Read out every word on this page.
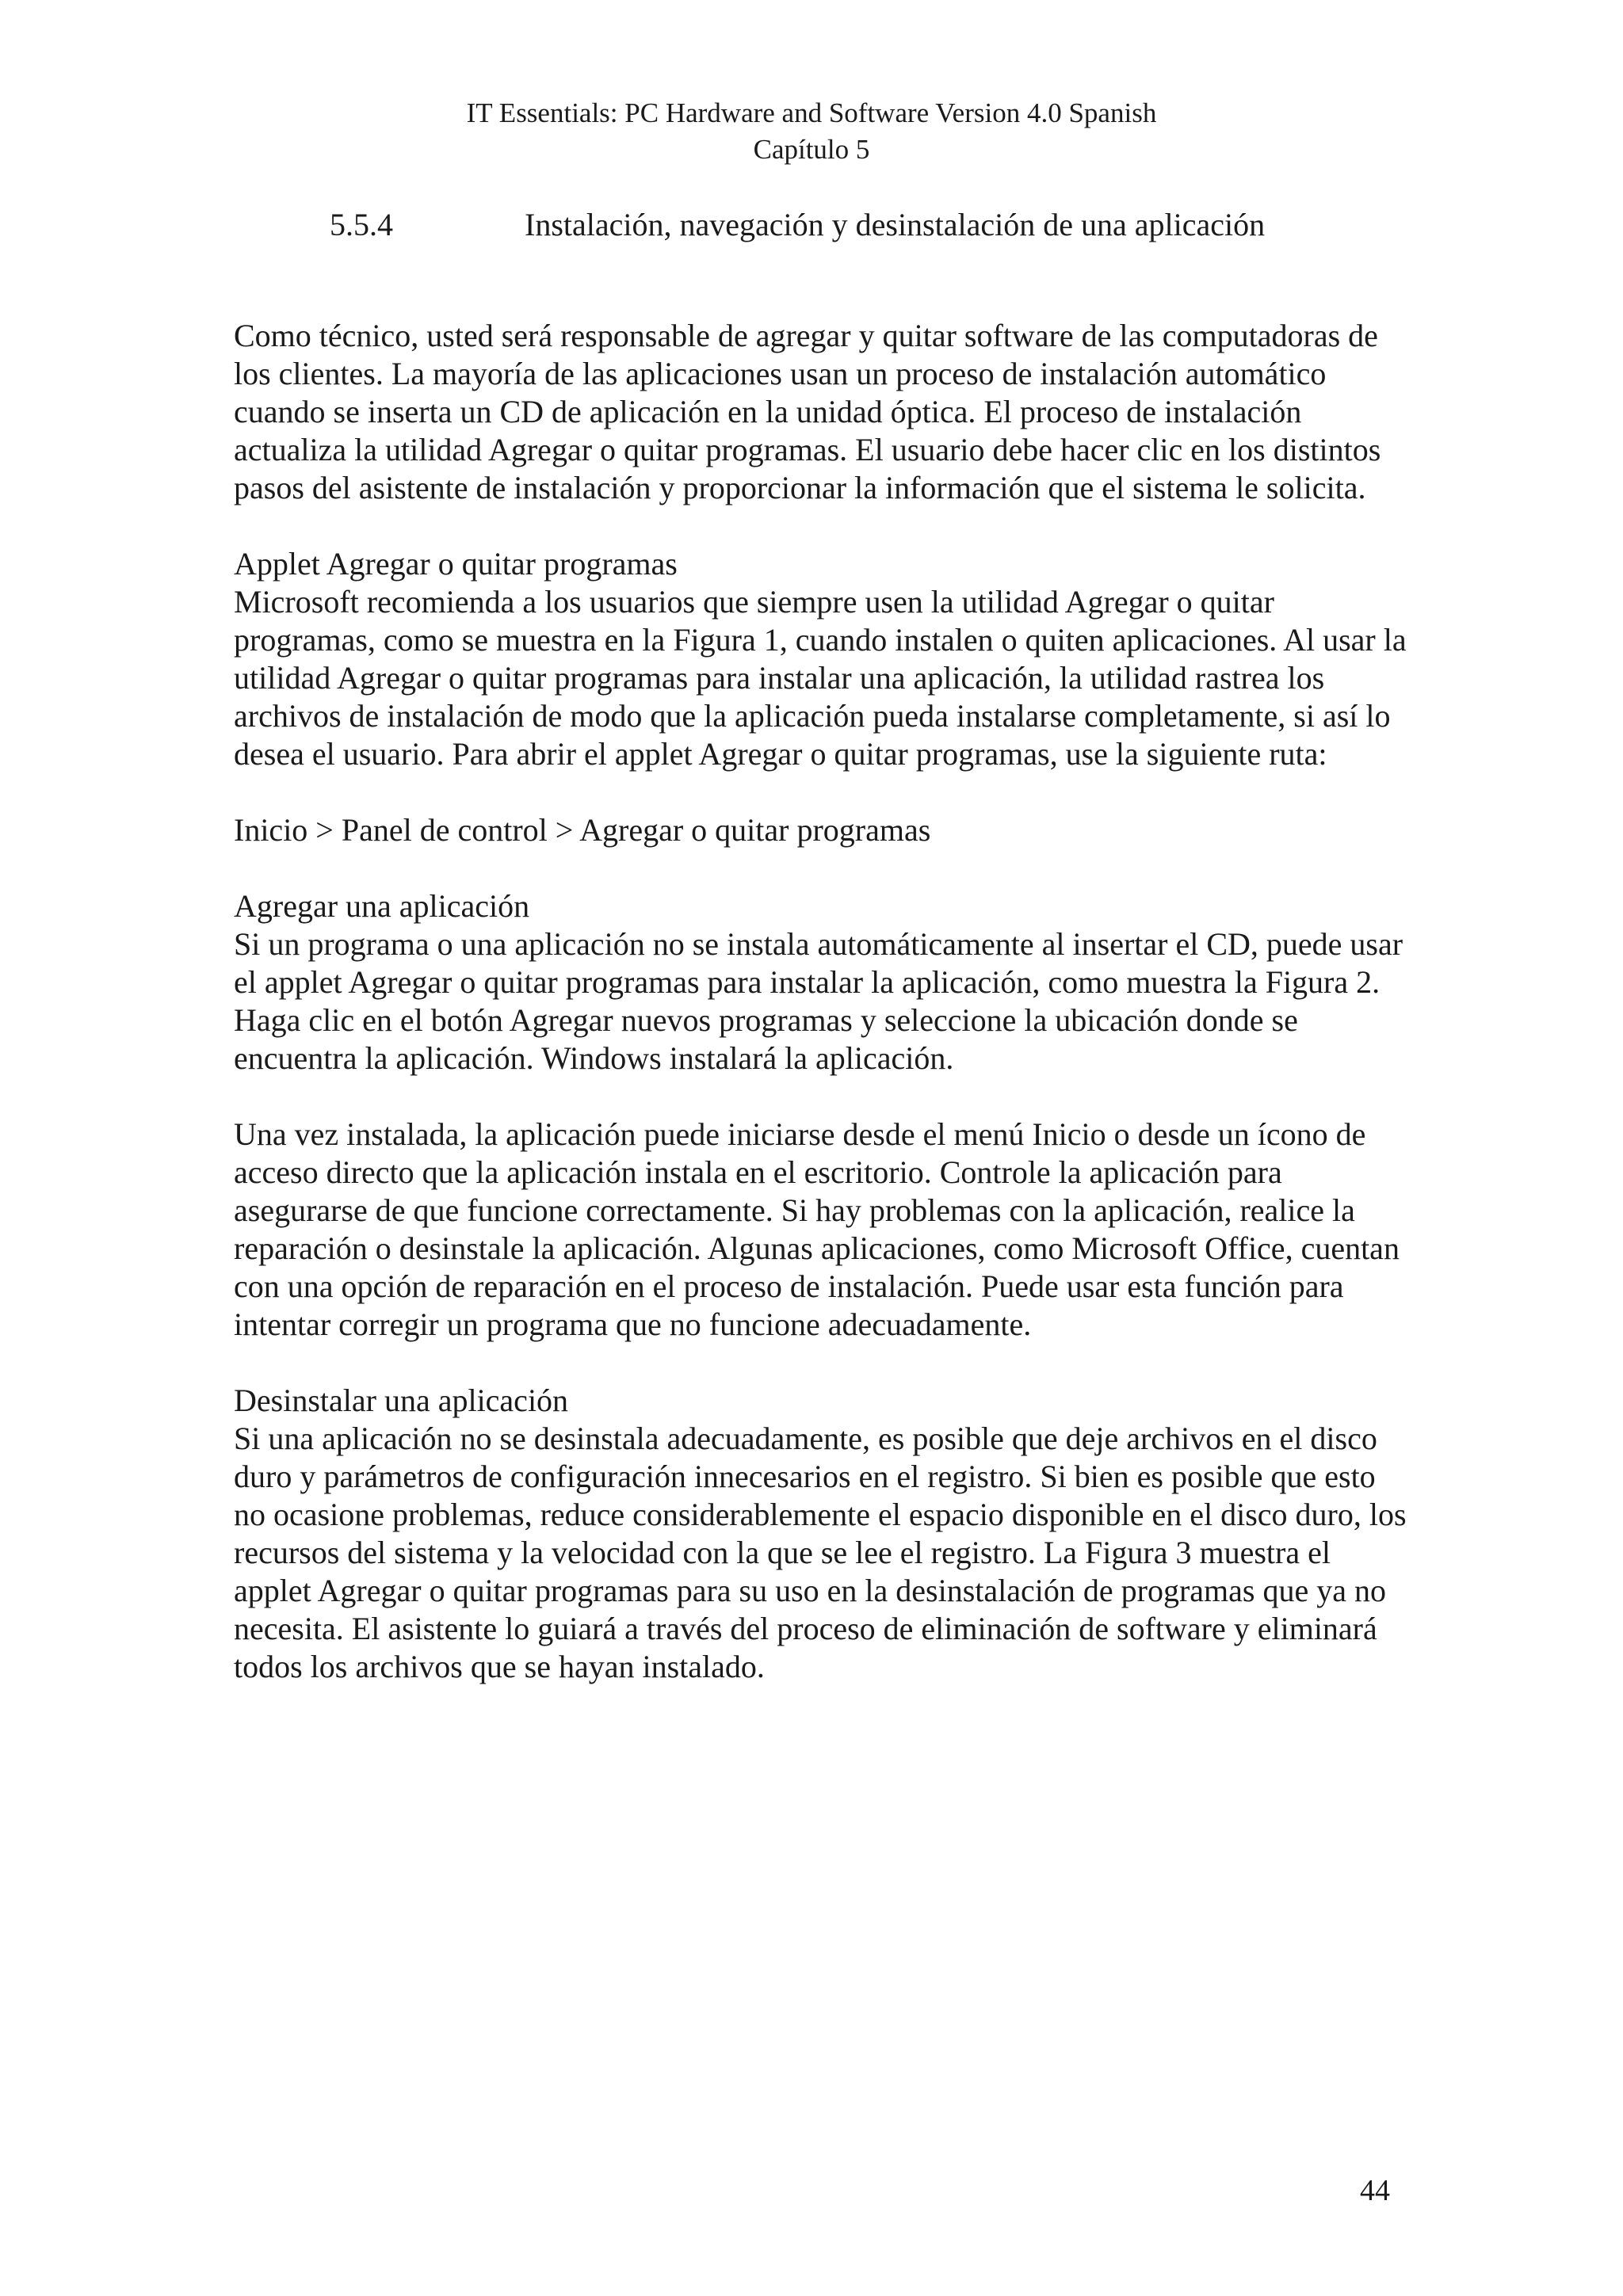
IT Essentials: PC Hardware and Software Version 4.0 Spanish
Capítulo 5
5.5.4	Instalación, navegación y desinstalación de una aplicación

Como técnico, usted será responsable de agregar y quitar software de las computadoras de los clientes. La mayoría de las aplicaciones usan un proceso de instalación automático cuando se inserta un CD de aplicación en la unidad óptica. El proceso de instalación actualiza la utilidad Agregar o quitar programas. El usuario debe hacer clic en los distintos pasos del asistente de instalación y proporcionar la información que el sistema le solicita.

Applet Agregar o quitar programas
Microsoft recomienda a los usuarios que siempre usen la utilidad Agregar o quitar programas, como se muestra en la Figura 1, cuando instalen o quiten aplicaciones. Al usar la utilidad Agregar o quitar programas para instalar una aplicación, la utilidad rastrea los archivos de instalación de modo que la aplicación pueda instalarse completamente, si así lo desea el usuario. Para abrir el applet Agregar o quitar programas, use la siguiente ruta:

Inicio > Panel de control > Agregar o quitar programas

Agregar una aplicación
Si un programa o una aplicación no se instala automáticamente al insertar el CD, puede usar el applet Agregar o quitar programas para instalar la aplicación, como muestra la Figura 2. Haga clic en el botón Agregar nuevos programas y seleccione la ubicación donde se encuentra la aplicación. Windows instalará la aplicación.

Una vez instalada, la aplicación puede iniciarse desde el menú Inicio o desde un ícono de acceso directo que la aplicación instala en el escritorio. Controle la aplicación para asegurarse de que funcione correctamente. Si hay problemas con la aplicación, realice la reparación o desinstale la aplicación. Algunas aplicaciones, como Microsoft Office, cuentan con una opción de reparación en el proceso de instalación. Puede usar esta función para intentar corregir un programa que no funcione adecuadamente.

Desinstalar una aplicación
Si una aplicación no se desinstala adecuadamente, es posible que deje archivos en el disco duro y parámetros de configuración innecesarios en el registro. Si bien es posible que esto no ocasione problemas, reduce considerablemente el espacio disponible en el disco duro, los recursos del sistema y la velocidad con la que se lee el registro. La Figura 3 muestra el applet Agregar o quitar programas para su uso en la desinstalación de programas que ya no necesita. El asistente lo guiará a través del proceso de eliminación de software y eliminará todos los archivos que se hayan instalado.

44
